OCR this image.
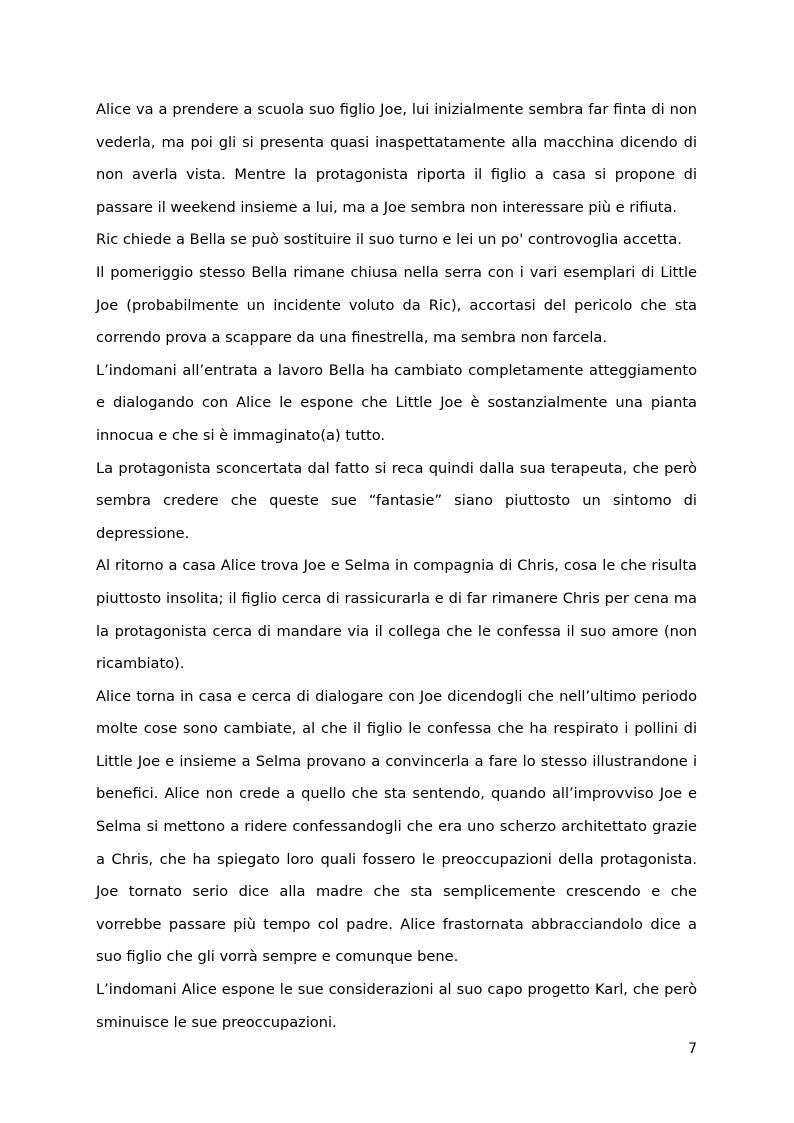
Alice va a prendere a scuola suo figlio Joe, lui inizialmente sembra far finta di non vederla, ma poi gli si presenta quasi inaspettatamente alla macchina dicendo di non averla vista. Mentre la protagonista riporta il figlio a casa si propone di passare il weekend insieme a lui, ma a Joe sembra non interessare più e rifiuta.

Ric chiede a Bella se può sostituire il suo turno e lei un po' controvoglia accetta.

Il pomeriggio stesso Bella rimane chiusa nella serra con i vari esemplari di Little Joe (probabilmente un incidente voluto da Ric), accortasi del pericolo che sta correndo prova a scappare da una finestrella, ma sembra non farcela.

L’indomani all’entrata a lavoro Bella ha cambiato completamente atteggiamento e dialogando con Alice le espone che Little Joe è sostanzialmente una pianta innocua e che si è immaginato(a) tutto.

La protagonista sconcertata dal fatto si reca quindi dalla sua terapeuta, che però sembra credere che queste sue “fantasie” siano piuttosto un sintomo di depressione.

Al ritorno a casa Alice trova Joe e Selma in compagnia di Chris, cosa le che risulta piuttosto insolita; il figlio cerca di rassicurarla e di far rimanere Chris per cena ma la protagonista cerca di mandare via il collega che le confessa il suo amore (non ricambiato).

Alice torna in casa e cerca di dialogare con Joe dicendogli che nell’ultimo periodo molte cose sono cambiate, al che il figlio le confessa che ha respirato i pollini di Little Joe e insieme a Selma provano a convincerla a fare lo stesso illustrandone i benefici. Alice non crede a quello che sta sentendo, quando all’improvviso Joe e Selma si mettono a ridere confessandogli che era uno scherzo architettato grazie a Chris, che ha spiegato loro quali fossero le preoccupazioni della protagonista. Joe tornato serio dice alla madre che sta semplicemente crescendo e che vorrebbe passare più tempo col padre. Alice frastornata abbracciandolo dice a suo figlio che gli vorrà sempre e comunque bene.

L’indomani Alice espone le sue considerazioni al suo capo progetto Karl, che però sminuisce le sue preoccupazioni.

7
